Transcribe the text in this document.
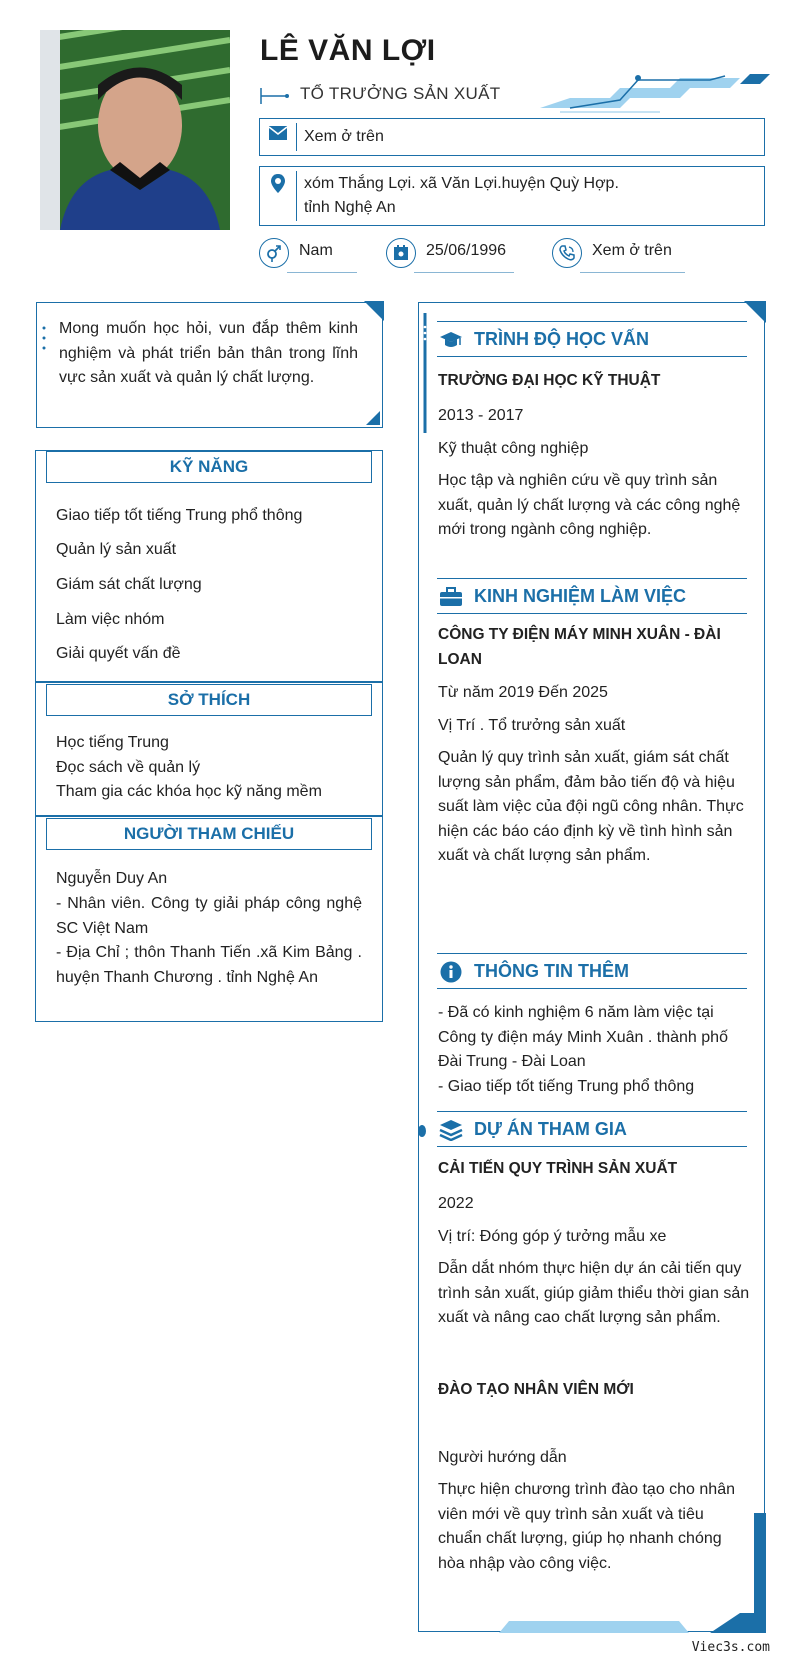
LÊ VĂN LỢI
TỔ TRƯỞNG SẢN XUẤT
Xem ở trên
xóm Thắng Lợi. xã Văn Lợi.huyện Quỳ Hợp.
tỉnh Nghệ An
Nam	25/06/1996	Xem ở trên
Mong muốn học hỏi, vun đắp thêm kinh nghiệm và phát triển bản thân trong lĩnh vực sản xuất và quản lý chất lượng.
KỸ NĂNG
Giao tiếp tốt tiếng Trung phổ thông
Quản lý sản xuất
Giám sát chất lượng
Làm việc nhóm
Giải quyết vấn đề
SỞ THÍCH
Học tiếng Trung
Đọc sách về quản lý
Tham gia các khóa học kỹ năng mềm
NGƯỜI THAM CHIẾU
Nguyễn Duy An
- Nhân viên. Công ty giải pháp công nghệ SC Việt Nam
- Địa Chỉ ; thôn Thanh Tiến .xã Kim Bảng . huyện Thanh Chương . tỉnh Nghệ An
TRÌNH ĐỘ HỌC VẤN
TRƯỜNG ĐẠI HỌC KỸ THUẬT
2013 - 2017
Kỹ thuật công nghiệp
Học tập và nghiên cứu về quy trình sản xuất, quản lý chất lượng và các công nghệ mới trong ngành công nghiệp.
KINH NGHIỆM LÀM VIỆC
CÔNG TY ĐIỆN MÁY MINH XUÂN - ĐÀI LOAN
Từ năm 2019 Đến 2025
Vị Trí . Tổ trưởng sản xuất
Quản lý quy trình sản xuất, giám sát chất lượng sản phẩm, đảm bảo tiến độ và hiệu suất làm việc của đội ngũ công nhân. Thực hiện các báo cáo định kỳ về tình hình sản xuất và chất lượng sản phẩm.
THÔNG TIN THÊM
- Đã có kinh nghiệm 6 năm làm việc tại Công ty điện máy Minh Xuân . thành phố Đài Trung - Đài Loan
- Giao tiếp tốt tiếng Trung phổ thông
DỰ ÁN THAM GIA
CẢI TIẾN QUY TRÌNH SẢN XUẤT
2022
Vị trí: Đóng góp ý tưởng mẫu xe
Dẫn dắt nhóm thực hiện dự án cải tiến quy trình sản xuất, giúp giảm thiểu thời gian sản xuất và nâng cao chất lượng sản phẩm.
ĐÀO TẠO NHÂN VIÊN MỚI
Người hướng dẫn
Thực hiện chương trình đào tạo cho nhân viên mới về quy trình sản xuất và tiêu chuẩn chất lượng, giúp họ nhanh chóng hòa nhập vào công việc.
Viec3s.com
